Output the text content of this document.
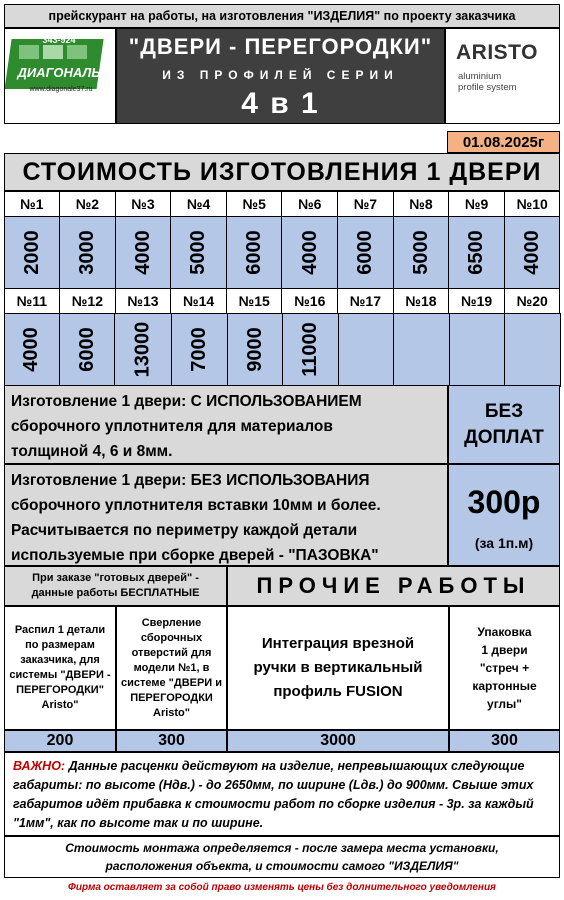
прейскурант на работы, на изготовления "ИЗДЕЛИЯ" по проекту заказчика
343-924
ДИАГОНАЛЬ
www.diagonale37.ru
"ДВЕРИ - ПЕРЕГОРОДКИ"
ИЗ ПРОФИЛЕЙ СЕРИИ
4 в 1
ARISTO
aluminium
profile system
01.08.2025г
СТОИМОСТЬ ИЗГОТОВЛЕНИЯ 1 ДВЕРИ
№1	№2	№3	№4	№5	№6	№7	№8	№9	№10
2000 3000 4000 5000 6000 4000 6000 5000 6500 4000
№11	№12	№13	№14	№15	№16	№17	№18	№19	№20
4000 6000 13000 7000 9000 11000
Изготовление 1 двери: С ИСПОЛЬЗОВАНИЕМ
сборочного уплотнителя для материалов
толщиной 4, 6 и 8мм.
БЕЗ
ДОПЛАТ
Изготовление 1 двери: БЕЗ ИСПОЛЬЗОВАНИЯ
сборочного уплотнителя вставки 10мм и более.
Расчитывается по периметру каждой детали
используемые при сборке дверей - "ПАЗОВКА"
300р
(за 1п.м)
При заказе "готовых дверей" -
данные работы БЕСПЛАТНЫЕ	ПРОЧИЕ РАБОТЫ
Распил 1 детали
по размерам
заказчика, для
системы "ДВЕРИ -
ПЕРЕГОРОДКИ"
Aristo"
Сверление
сборочных
отверстий для
модели №1, в
системе "ДВЕРИ и
ПЕРЕГОРОДКИ
Aristo"
Интеграция врезной
ручки в вертикальный
профиль FUSION
Упаковка
1 двери
"стреч +
картонные
углы"
200	300	3000	300
ВАЖНО: Данные расценки действуют на изделие, непревышающих следующие габариты: по высоте (Ндв.) - до 2650мм, по ширине (Lдв.) до 900мм. Свыше этих габаритов идёт прибавка к стоимости работ по сборке изделия - 3р. за каждый "1мм", как по высоте так и по ширине.
Стоимость монтажа определяется - после замера места установки,
расположения объекта, и стоимости самого "ИЗДЕЛИЯ"
Фирма оставляет за собой право изменять цены без долнительного уведомления
